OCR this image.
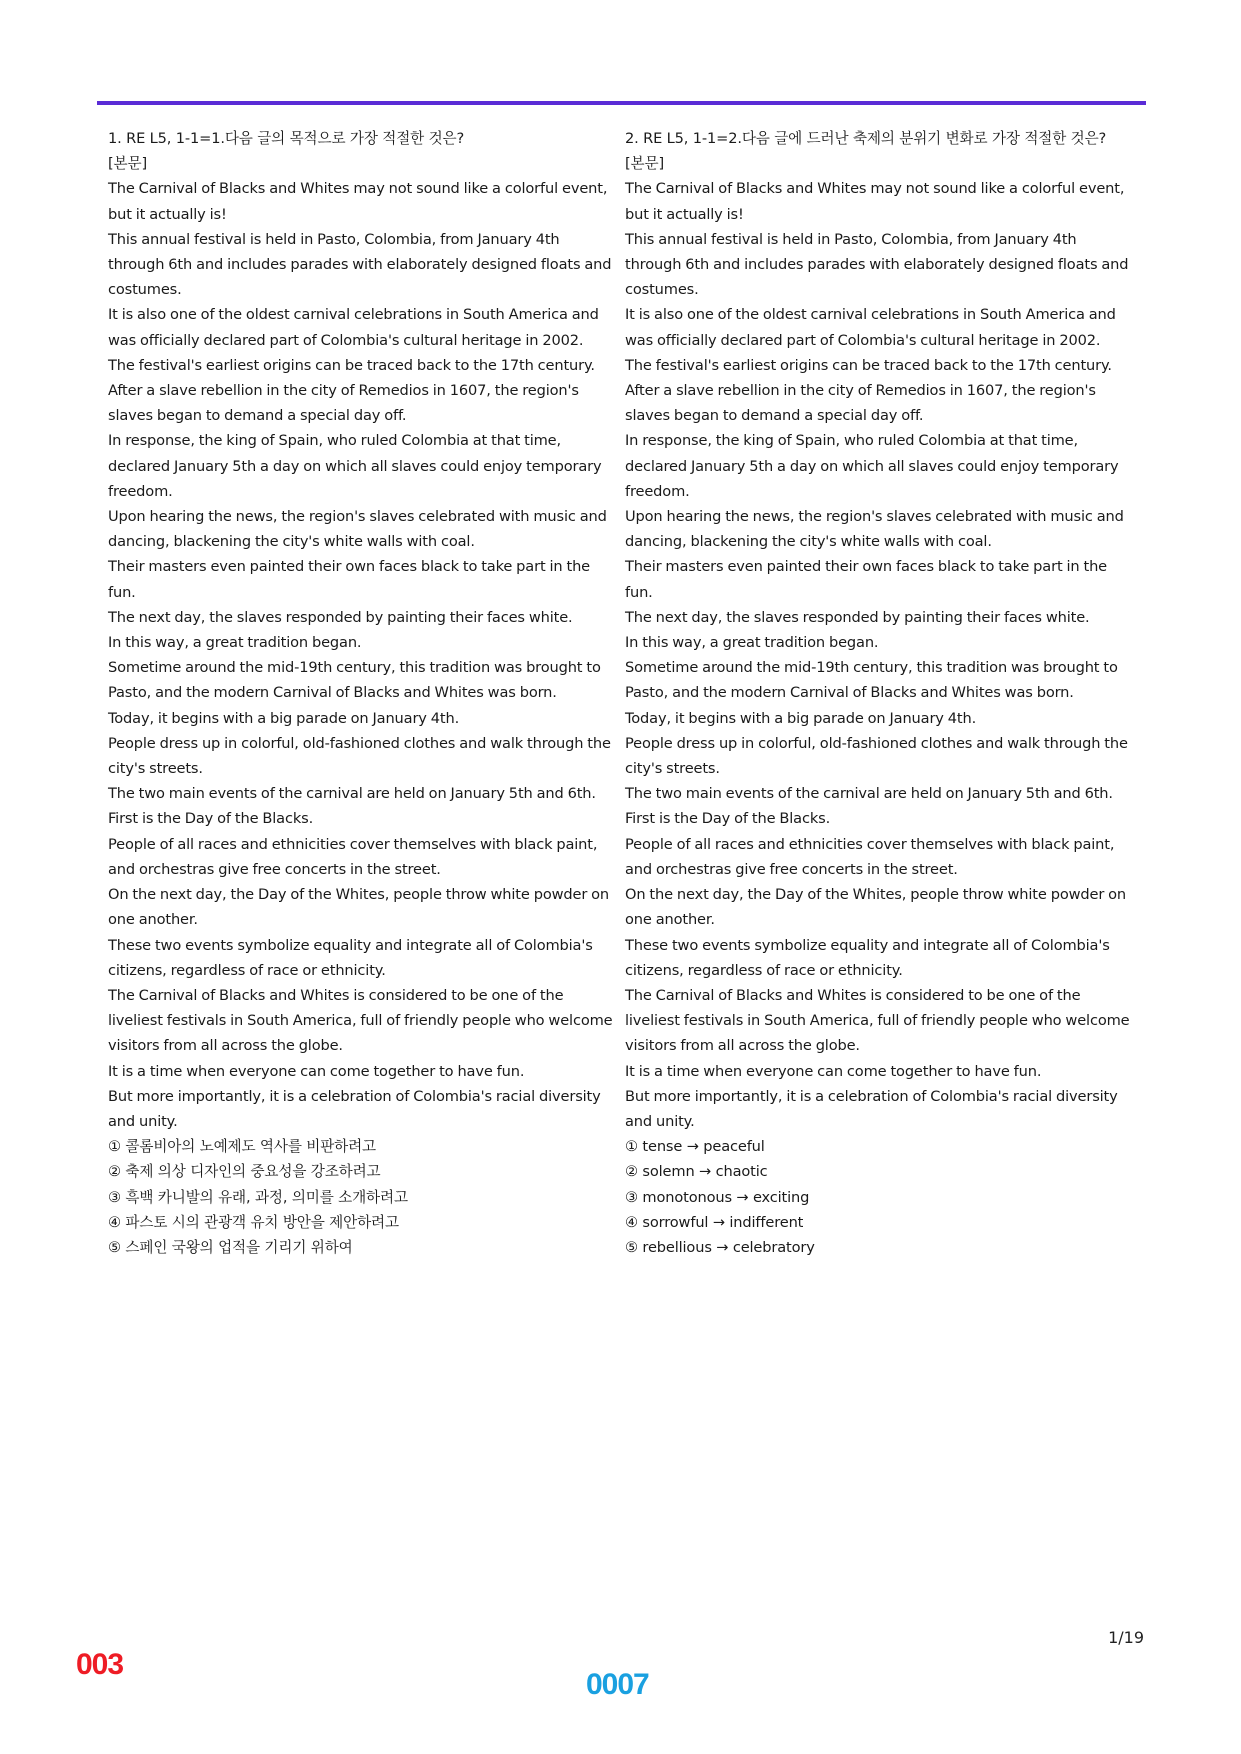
1. RE L5, 1-1=1.다음 글의 목적으로 가장 적절한 것은?
[본문]
The Carnival of Blacks and Whites may not sound like a colorful event, but it actually is!
This annual festival is held in Pasto, Colombia, from January 4th through 6th and includes parades with elaborately designed floats and costumes.
It is also one of the oldest carnival celebrations in South America and was officially declared part of Colombia's cultural heritage in 2002.
The festival's earliest origins can be traced back to the 17th century.
After a slave rebellion in the city of Remedios in 1607, the region's slaves began to demand a special day off.
In response, the king of Spain, who ruled Colombia at that time, declared January 5th a day on which all slaves could enjoy temporary freedom.
Upon hearing the news, the region's slaves celebrated with music and dancing, blackening the city's white walls with coal.
Their masters even painted their own faces black to take part in the fun.
The next day, the slaves responded by painting their faces white.
In this way, a great tradition began.
Sometime around the mid-19th century, this tradition was brought to Pasto, and the modern Carnival of Blacks and Whites was born.
Today, it begins with a big parade on January 4th.
People dress up in colorful, old-fashioned clothes and walk through the city's streets.
The two main events of the carnival are held on January 5th and 6th.
First is the Day of the Blacks.
People of all races and ethnicities cover themselves with black paint, and orchestras give free concerts in the street.
On the next day, the Day of the Whites, people throw white powder on one another.
These two events symbolize equality and integrate all of Colombia's citizens, regardless of race or ethnicity.
The Carnival of Blacks and Whites is considered to be one of the liveliest festivals in South America, full of friendly people who welcome visitors from all across the globe.
It is a time when everyone can come together to have fun.
But more importantly, it is a celebration of Colombia's racial diversity and unity.
① 콜롬비아의 노예제도 역사를 비판하려고
② 축제 의상 디자인의 중요성을 강조하려고
③ 흑백 카니발의 유래, 과정, 의미를 소개하려고
④ 파스토 시의 관광객 유치 방안을 제안하려고
⑤ 스페인 국왕의 업적을 기리기 위하여
2. RE L5, 1-1=2.다음 글에 드러난 축제의 분위기 변화로 가장 적절한 것은?
[본문]
The Carnival of Blacks and Whites may not sound like a colorful event, but it actually is!
This annual festival is held in Pasto, Colombia, from January 4th through 6th and includes parades with elaborately designed floats and costumes.
It is also one of the oldest carnival celebrations in South America and was officially declared part of Colombia's cultural heritage in 2002.
The festival's earliest origins can be traced back to the 17th century.
After a slave rebellion in the city of Remedios in 1607, the region's slaves began to demand a special day off.
In response, the king of Spain, who ruled Colombia at that time, declared January 5th a day on which all slaves could enjoy temporary freedom.
Upon hearing the news, the region's slaves celebrated with music and dancing, blackening the city's white walls with coal.
Their masters even painted their own faces black to take part in the fun.
The next day, the slaves responded by painting their faces white.
In this way, a great tradition began.
Sometime around the mid-19th century, this tradition was brought to Pasto, and the modern Carnival of Blacks and Whites was born.
Today, it begins with a big parade on January 4th.
People dress up in colorful, old-fashioned clothes and walk through the city's streets.
The two main events of the carnival are held on January 5th and 6th.
First is the Day of the Blacks.
People of all races and ethnicities cover themselves with black paint, and orchestras give free concerts in the street.
On the next day, the Day of the Whites, people throw white powder on one another.
These two events symbolize equality and integrate all of Colombia's citizens, regardless of race or ethnicity.
The Carnival of Blacks and Whites is considered to be one of the liveliest festivals in South America, full of friendly people who welcome visitors from all across the globe.
It is a time when everyone can come together to have fun.
But more importantly, it is a celebration of Colombia's racial diversity and unity.
① tense → peaceful
② solemn → chaotic
③ monotonous → exciting
④ sorrowful → indifferent
⑤ rebellious → celebratory
1/19
003
0007
